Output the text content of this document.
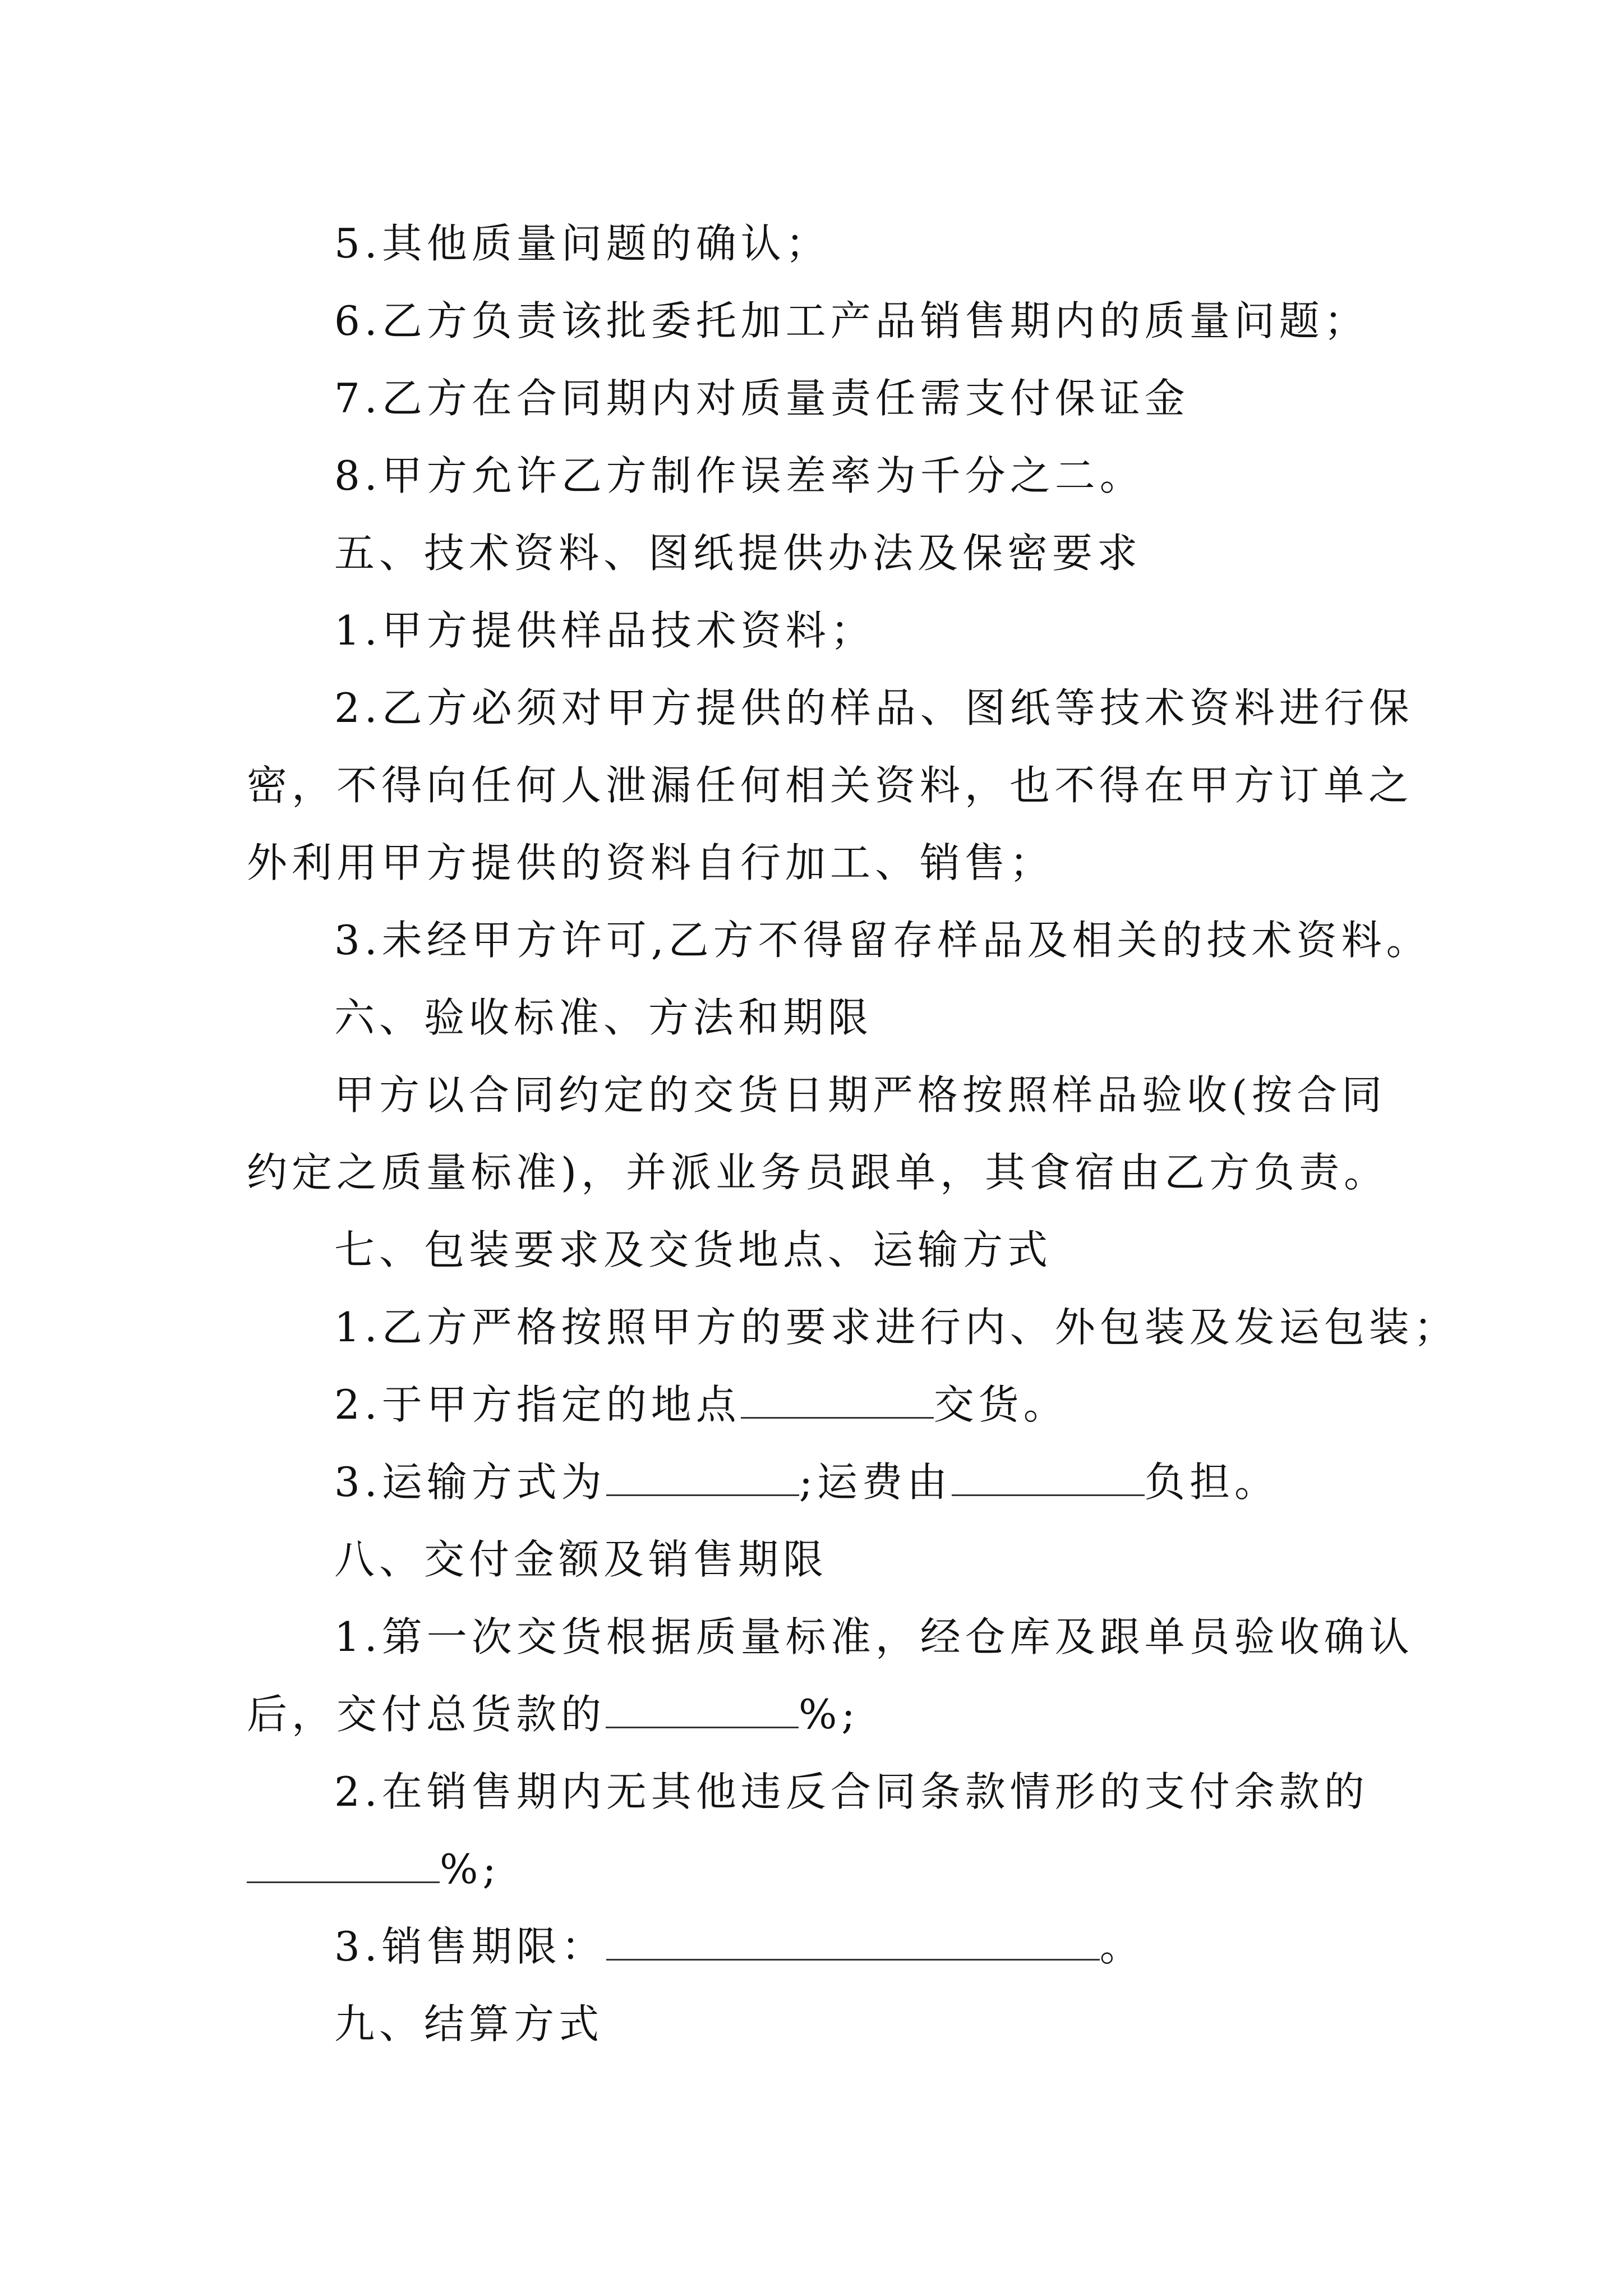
5.其他质量问题的确认；
6.乙方负责该批委托加工产品销售期内的质量问题；
7.乙方在合同期内对质量责任需支付保证金
8.甲方允许乙方制作误差率为千分之二。
五、技术资料、图纸提供办法及保密要求
1.甲方提供样品技术资料；
2.乙方必须对甲方提供的样品、图纸等技术资料进行保
密，不得向任何人泄漏任何相关资料，也不得在甲方订单之
外利用甲方提供的资料自行加工、销售；
3.未经甲方许可,乙方不得留存样品及相关的技术资料。
六、验收标准、方法和期限
甲方以合同约定的交货日期严格按照样品验收(按合同
约定之质量标准)，并派业务员跟单，其食宿由乙方负责。
七、包装要求及交货地点、运输方式
1.乙方严格按照甲方的要求进行内、外包装及发运包装；
2.于甲方指定的地点	交货。
3.运输方式为	;运费由	负担。
八、交付金额及销售期限
1.第一次交货根据质量标准，经仓库及跟单员验收确认
后，交付总货款的	%;
2.在销售期内无其他违反合同条款情形的支付余款的
%;
3.销售期限：	。
九、结算方式
